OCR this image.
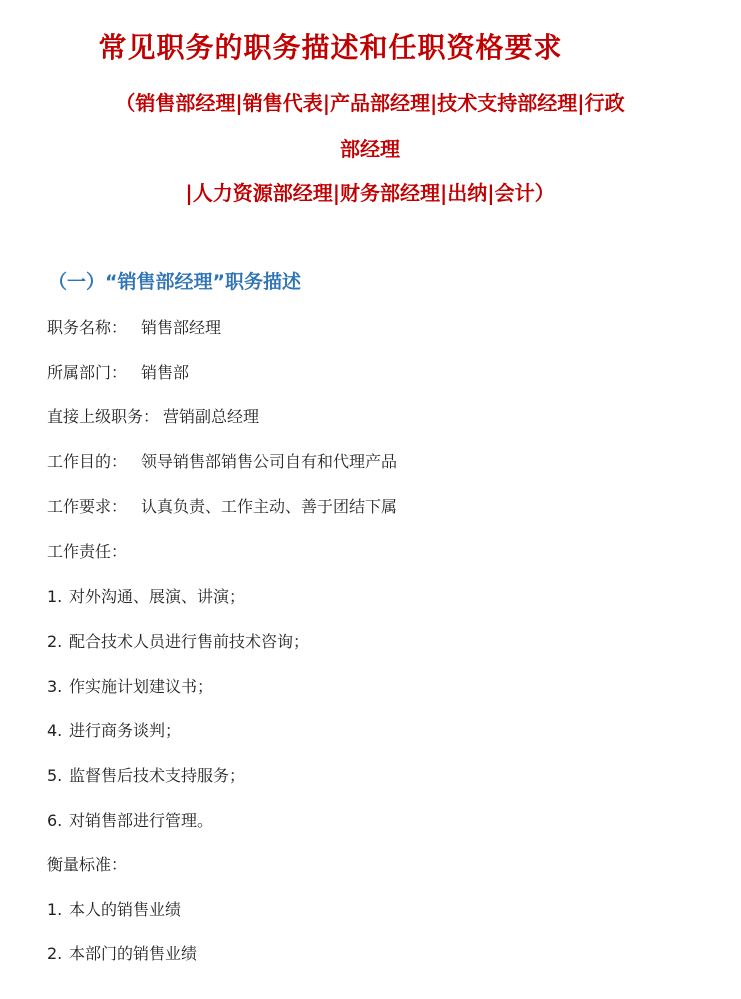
常见职务的职务描述和任职资格要求
（销售部经理|销售代表|产品部经理|技术支持部经理|行政
部经理
|人力资源部经理|财务部经理|出纳|会计）
（一）“销售部经理”职务描述
职务名称： 销售部经理
所属部门： 销售部
直接上级职务： 营销副总经理
工作目的： 领导销售部销售公司自有和代理产品
工作要求： 认真负责、工作主动、善于团结下属
工作责任：
1. 对外沟通、展演、讲演；
2. 配合技术人员进行售前技术咨询；
3. 作实施计划建议书；
4. 进行商务谈判；
5. 监督售后技术支持服务；
6. 对销售部进行管理。
衡量标准：
1. 本人的销售业绩
2. 本部门的销售业绩
